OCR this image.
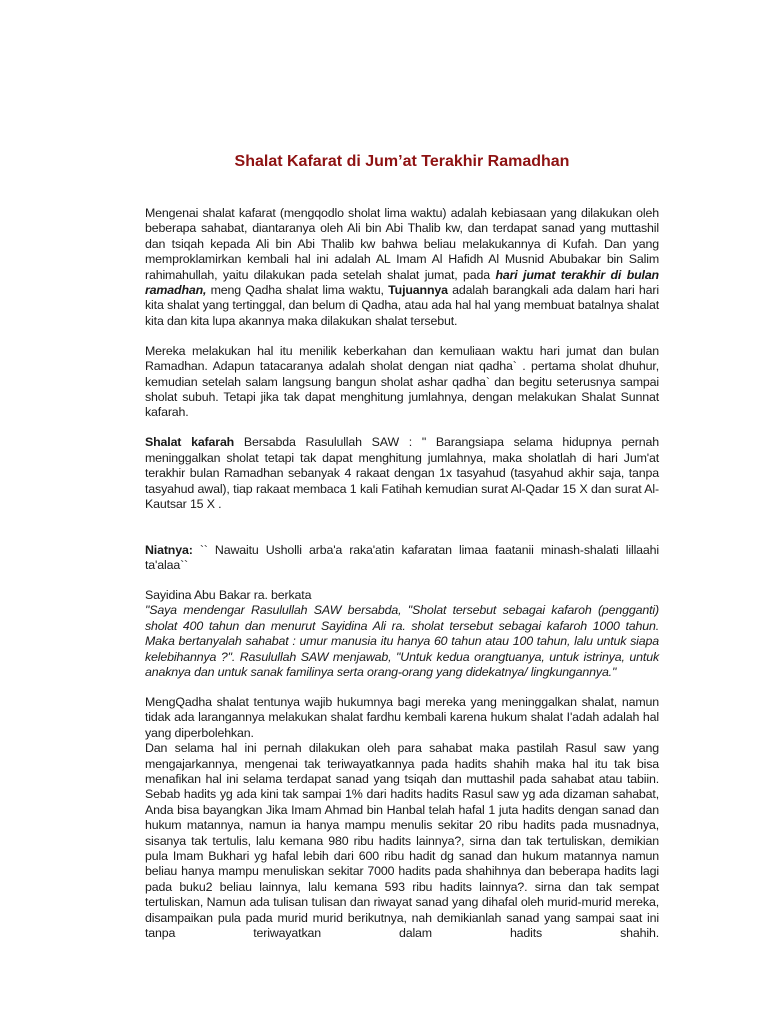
Shalat Kafarat di Jum’at Terakhir Ramadhan

Mengenai shalat kafarat (mengqodlo sholat lima waktu) adalah kebiasaan yang dilakukan oleh beberapa sahabat, diantaranya oleh Ali bin Abi Thalib kw, dan terdapat sanad yang muttashil dan tsiqah kepada Ali bin Abi Thalib kw bahwa beliau melakukannya di Kufah. Dan yang memproklamirkan kembali hal ini adalah AL Imam Al Hafidh Al Musnid Abubakar bin Salim rahimahullah, yaitu dilakukan pada setelah shalat jumat, pada hari jumat terakhir di bulan ramadhan, meng Qadha shalat lima waktu, Tujuannya adalah barangkali ada dalam hari hari kita shalat yang tertinggal, dan belum di Qadha, atau ada hal hal yang membuat batalnya shalat kita dan kita lupa akannya maka dilakukan shalat tersebut.

Mereka melakukan hal itu menilik keberkahan dan kemuliaan waktu hari jumat dan bulan Ramadhan. Adapun tatacaranya adalah sholat dengan niat qadha` . pertama sholat dhuhur, kemudian setelah salam langsung bangun sholat ashar qadha` dan begitu seterusnya sampai sholat subuh. Tetapi jika tak dapat menghitung jumlahnya, dengan melakukan Shalat Sunnat kafarah.

Shalat kafarah Bersabda Rasulullah SAW : " Barangsiapa selama hidupnya pernah meninggalkan sholat tetapi tak dapat menghitung jumlahnya, maka sholatlah di hari Jum'at terakhir bulan Ramadhan sebanyak 4 rakaat dengan 1x tasyahud (tasyahud akhir saja, tanpa tasyahud awal), tiap rakaat membaca 1 kali Fatihah kemudian surat Al-Qadar 15 X dan surat Al-Kautsar 15 X .

Niatnya: `` Nawaitu Usholli arba'a raka'atin kafaratan limaa faatanii minash-shalati lillaahi ta'alaa``

Sayidina Abu Bakar ra. berkata

"Saya mendengar Rasulullah SAW bersabda, "Sholat tersebut sebagai kafaroh (pengganti) sholat 400 tahun dan menurut Sayidina Ali ra. sholat tersebut sebagai kafaroh 1000 tahun. Maka bertanyalah sahabat : umur manusia itu hanya 60 tahun atau 100 tahun, lalu untuk siapa kelebihannya ?". Rasulullah SAW menjawab, "Untuk kedua orangtuanya, untuk istrinya, untuk anaknya dan untuk sanak familinya serta orang-orang yang didekatnya/ lingkungannya."

MengQadha shalat tentunya wajib hukumnya bagi mereka yang meninggalkan shalat, namun tidak ada larangannya melakukan shalat fardhu kembali karena hukum shalat I'adah adalah hal yang diperbolehkan.

Dan selama hal ini pernah dilakukan oleh para sahabat maka pastilah Rasul saw yang mengajarkannya, mengenai tak teriwayatkannya pada hadits shahih maka hal itu tak bisa menafikan hal ini selama terdapat sanad yang tsiqah dan muttashil pada sahabat atau tabiin. Sebab hadits yg ada kini tak sampai 1% dari hadits hadits Rasul saw yg ada dizaman sahabat, Anda bisa bayangkan Jika Imam Ahmad bin Hanbal telah hafal 1 juta hadits dengan sanad dan hukum matannya, namun ia hanya mampu menulis sekitar 20 ribu hadits pada musnadnya, sisanya tak tertulis, lalu kemana 980 ribu hadits lainnya?, sirna dan tak tertuliskan, demikian pula Imam Bukhari yg hafal lebih dari 600 ribu hadit dg sanad dan hukum matannya namun beliau hanya mampu menuliskan sekitar 7000 hadits pada shahihnya dan beberapa hadits lagi pada buku2 beliau lainnya, lalu kemana 593 ribu hadits lainnya?. sirna dan tak sempat tertuliskan, Namun ada tulisan tulisan dan riwayat sanad yang dihafal oleh murid-murid mereka, disampaikan pula pada murid murid berikutnya, nah demikianlah sanad yang sampai saat ini tanpa teriwayatkan dalam hadits shahih.
